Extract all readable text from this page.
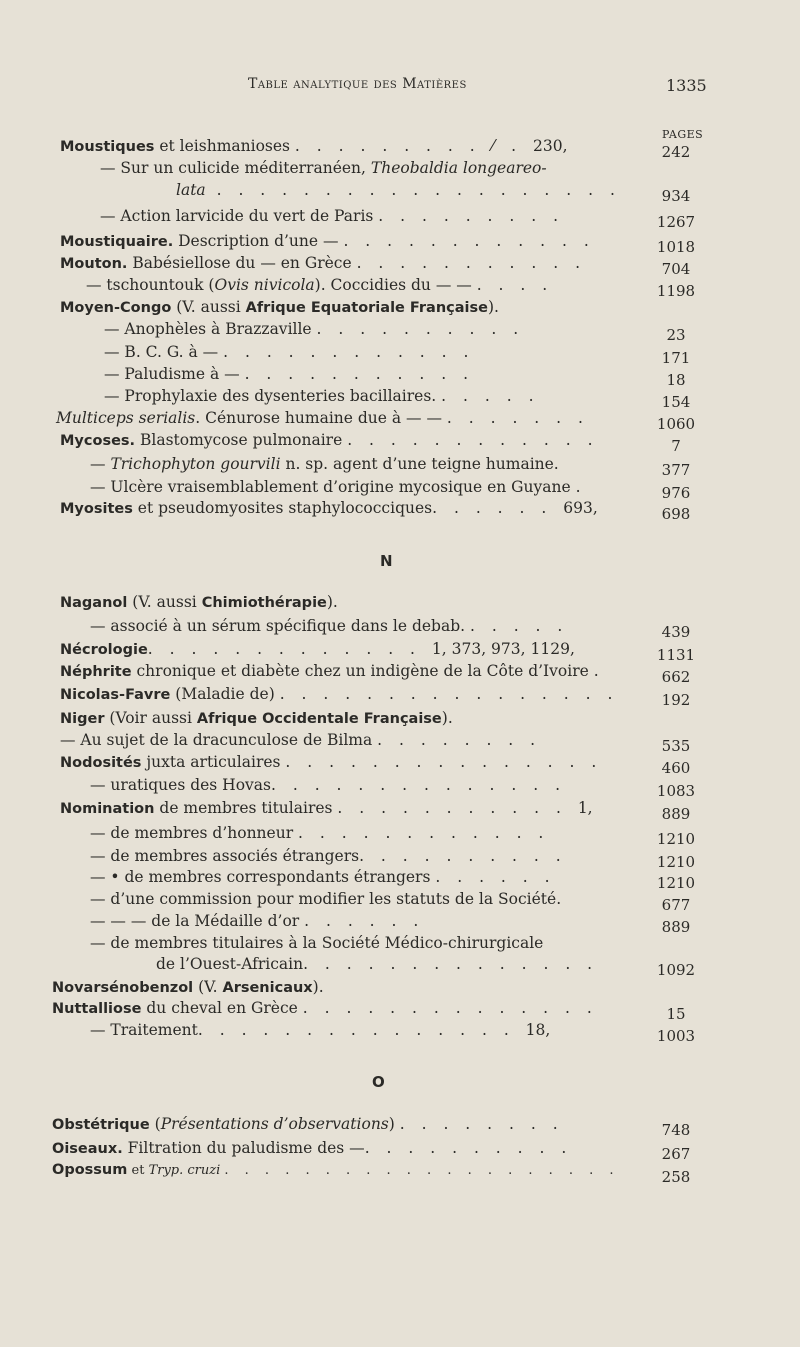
Table analytique des Matières	1335
PAGES
N
O
Moustiques et leishmanioses . . . . . . . . . ⁄ . 230,	242
— Sur un culicide méditerranéen, Theobaldia longeareo-
lata . . . . . . . . . . . . . . . . . . .	934
— Action larvicide du vert de Paris . . . . . . . . .	1267
Moustiquaire. Description d’une — . . . . . . . . . . . .	1018
Mouton. Babésiellose du — en Grèce . . . . . . . . . . .	704
— tschountouk (Ovis nivicola). Coccidies du — — . . . .	1198
Moyen-Congo (V. aussi Afrique Equatoriale Française).
— Anophèles à Brazzaville . . . . . . . . . .	23
— B. C. G. à — . . . . . . . . . . . .	171
— Paludisme à — . . . . . . . . . . .	18
— Prophylaxie des dysenteries bacillaires. . . . . .	154
Multiceps serialis. Cénurose humaine due à — — . . . . . . .	1060
Mycoses. Blastomycose pulmonaire . . . . . . . . . . . .	7
— Trichophyton gourvili n. sp. agent d’une teigne humaine.	377
— Ulcère vraisemblablement d’origine mycosique en Guyane .	976
Myosites et pseudomyosites staphylococciques. . . . . . 693,	698
Naganol (V. aussi Chimiothérapie).
— associé à un sérum spécifique dans le debab. . . . . .	439
Nécrologie. . . . . . . . . . . . . 1, 373, 973, 1129,	1131
Néphrite chronique et diabète chez un indigène de la Côte d’Ivoire .	662
Nicolas-Favre (Maladie de) . . . . . . . . . . . . . . . .	192
Niger (Voir aussi Afrique Occidentale Française).
— Au sujet de la dracunculose de Bilma . . . . . . . .	535
Nodosités juxta articulaires . . . . . . . . . . . . . . .	460
— uratiques des Hovas. . . . . . . . . . . . . .	1083
Nomination de membres titulaires . . . . . . . . . . . 1,	889
— de membres d’honneur . . . . . . . . . . . .	1210
— de membres associés étrangers. . . . . . . . . .	1210
— • de membres correspondants étrangers . . . . . .	1210
— d’une commission pour modifier les statuts de la Société.	677
— — — de la Médaille d’or . . . . . .	889
— de membres titulaires à la Société Médico-chirurgicale
de l’Ouest-Africain. . . . . . . . . . . . . .	1092
Novarsénobenzol (V. Arsenicaux).
Nuttalliose du cheval en Grèce . . . . . . . . . . . . . .	15
— Traitement. . . . . . . . . . . . . . . 18,	1003
Obstétrique (Présentations d’observations) . . . . . . . .	748
Oiseaux. Filtration du paludisme des —. . . . . . . . . .	267
Opossum et Tryp. cruzi . . . . . . . . . . . . . . . . . . . .	258
